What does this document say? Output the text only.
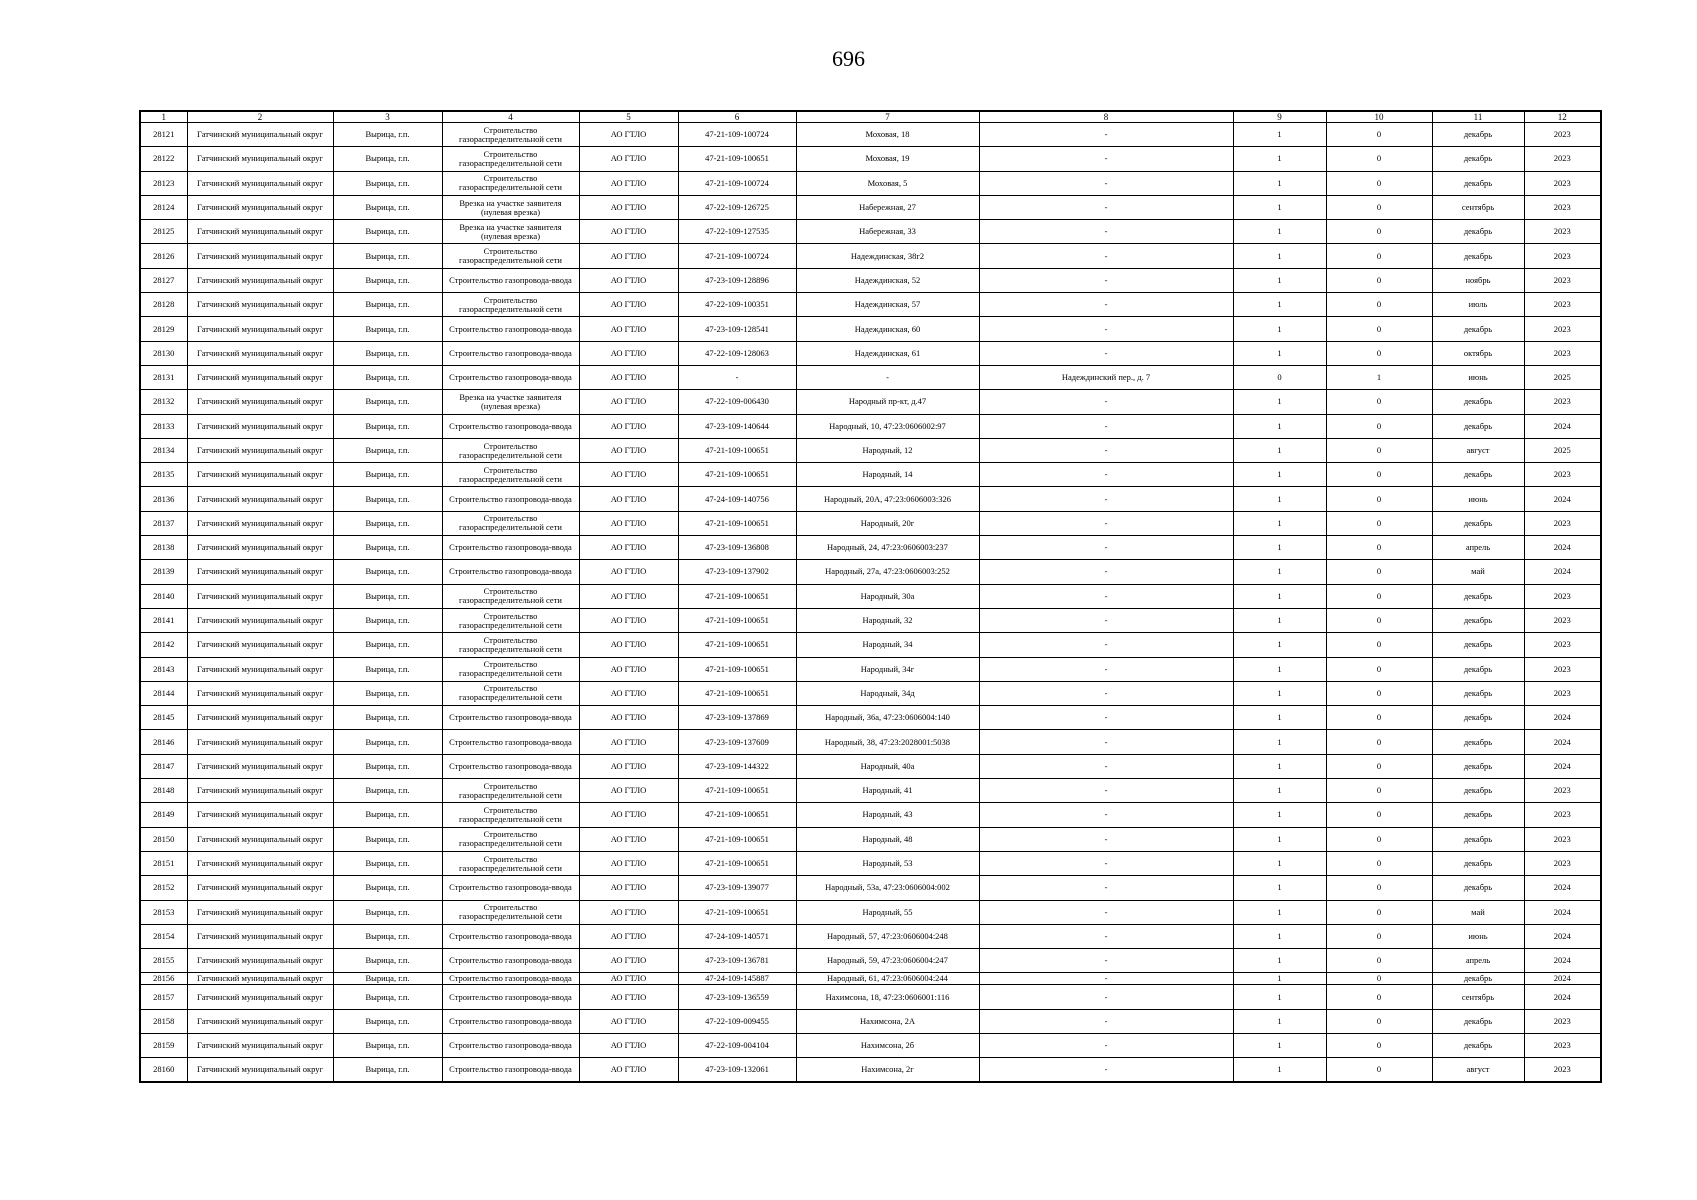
696
1	2	3	4	5	6	7	8	9	10	11	12
28121	Гатчинский муниципальный округ	Вырица, г.п.	Строительство газораспределительной сети	АО ГТЛО	47-21-109-100724	Моховая, 18	-	1	0	декабрь	2023
28122	Гатчинский муниципальный округ	Вырица, г.п.	Строительство газораспределительной сети	АО ГТЛО	47-21-109-100651	Моховая, 19	-	1	0	декабрь	2023
28123	Гатчинский муниципальный округ	Вырица, г.п.	Строительство газораспределительной сети	АО ГТЛО	47-21-109-100724	Моховая, 5	-	1	0	декабрь	2023
28124	Гатчинский муниципальный округ	Вырица, г.п.	Врезка на участке заявителя (нулевая врезка)	АО ГТЛО	47-22-109-126725	Набережная, 27	-	1	0	сентябрь	2023
28125	Гатчинский муниципальный округ	Вырица, г.п.	Врезка на участке заявителя (нулевая врезка)	АО ГТЛО	47-22-109-127535	Набережная, 33	-	1	0	декабрь	2023
28126	Гатчинский муниципальный округ	Вырица, г.п.	Строительство газораспределительной сети	АО ГТЛО	47-21-109-100724	Надеждинская, 38г2	-	1	0	декабрь	2023
28127	Гатчинский муниципальный округ	Вырица, г.п.	Строительство газопровода-ввода	АО ГТЛО	47-23-109-128896	Надеждинская, 52	-	1	0	ноябрь	2023
28128	Гатчинский муниципальный округ	Вырица, г.п.	Строительство газораспределительной сети	АО ГТЛО	47-22-109-100351	Надеждинская, 57	-	1	0	июль	2023
28129	Гатчинский муниципальный округ	Вырица, г.п.	Строительство газопровода-ввода	АО ГТЛО	47-23-109-128541	Надеждинская, 60	-	1	0	декабрь	2023
28130	Гатчинский муниципальный округ	Вырица, г.п.	Строительство газопровода-ввода	АО ГТЛО	47-22-109-128063	Надеждинская, 61	-	1	0	октябрь	2023
28131	Гатчинский муниципальный округ	Вырица, г.п.	Строительство газопровода-ввода	АО ГТЛО	-	-	Надеждинский пер., д. 7	0	1	июнь	2025
28132	Гатчинский муниципальный округ	Вырица, г.п.	Врезка на участке заявителя (нулевая врезка)	АО ГТЛО	47-22-109-006430	Народный пр-кт, д.47	-	1	0	декабрь	2023
28133	Гатчинский муниципальный округ	Вырица, г.п.	Строительство газопровода-ввода	АО ГТЛО	47-23-109-140644	Народный, 10, 47:23:0606002:97	-	1	0	декабрь	2024
28134	Гатчинский муниципальный округ	Вырица, г.п.	Строительство газораспределительной сети	АО ГТЛО	47-21-109-100651	Народный, 12	-	1	0	август	2025
28135	Гатчинский муниципальный округ	Вырица, г.п.	Строительство газораспределительной сети	АО ГТЛО	47-21-109-100651	Народный, 14	-	1	0	декабрь	2023
28136	Гатчинский муниципальный округ	Вырица, г.п.	Строительство газопровода-ввода	АО ГТЛО	47-24-109-140756	Народный, 20А, 47:23:0606003:326	-	1	0	июнь	2024
28137	Гатчинский муниципальный округ	Вырица, г.п.	Строительство газораспределительной сети	АО ГТЛО	47-21-109-100651	Народный, 20г	-	1	0	декабрь	2023
28138	Гатчинский муниципальный округ	Вырица, г.п.	Строительство газопровода-ввода	АО ГТЛО	47-23-109-136808	Народный, 24, 47:23:0606003:237	-	1	0	апрель	2024
28139	Гатчинский муниципальный округ	Вырица, г.п.	Строительство газопровода-ввода	АО ГТЛО	47-23-109-137902	Народный, 27а, 47:23:0606003:252	-	1	0	май	2024
28140	Гатчинский муниципальный округ	Вырица, г.п.	Строительство газораспределительной сети	АО ГТЛО	47-21-109-100651	Народный, 30а	-	1	0	декабрь	2023
28141	Гатчинский муниципальный округ	Вырица, г.п.	Строительство газораспределительной сети	АО ГТЛО	47-21-109-100651	Народный, 32	-	1	0	декабрь	2023
28142	Гатчинский муниципальный округ	Вырица, г.п.	Строительство газораспределительной сети	АО ГТЛО	47-21-109-100651	Народный, 34	-	1	0	декабрь	2023
28143	Гатчинский муниципальный округ	Вырица, г.п.	Строительство газораспределительной сети	АО ГТЛО	47-21-109-100651	Народный, 34г	-	1	0	декабрь	2023
28144	Гатчинский муниципальный округ	Вырица, г.п.	Строительство газораспределительной сети	АО ГТЛО	47-21-109-100651	Народный, 34д	-	1	0	декабрь	2023
28145	Гатчинский муниципальный округ	Вырица, г.п.	Строительство газопровода-ввода	АО ГТЛО	47-23-109-137869	Народный, 36а, 47:23:0606004:140	-	1	0	декабрь	2024
28146	Гатчинский муниципальный округ	Вырица, г.п.	Строительство газопровода-ввода	АО ГТЛО	47-23-109-137609	Народный, 38, 47:23:2028001:5038	-	1	0	декабрь	2024
28147	Гатчинский муниципальный округ	Вырица, г.п.	Строительство газопровода-ввода	АО ГТЛО	47-23-109-144322	Народный, 40а	-	1	0	декабрь	2024
28148	Гатчинский муниципальный округ	Вырица, г.п.	Строительство газораспределительной сети	АО ГТЛО	47-21-109-100651	Народный, 41	-	1	0	декабрь	2023
28149	Гатчинский муниципальный округ	Вырица, г.п.	Строительство газораспределительной сети	АО ГТЛО	47-21-109-100651	Народный, 43	-	1	0	декабрь	2023
28150	Гатчинский муниципальный округ	Вырица, г.п.	Строительство газораспределительной сети	АО ГТЛО	47-21-109-100651	Народный, 48	-	1	0	декабрь	2023
28151	Гатчинский муниципальный округ	Вырица, г.п.	Строительство газораспределительной сети	АО ГТЛО	47-21-109-100651	Народный, 53	-	1	0	декабрь	2023
28152	Гатчинский муниципальный округ	Вырица, г.п.	Строительство газопровода-ввода	АО ГТЛО	47-23-109-139077	Народный, 53а, 47:23:0606004:002	-	1	0	декабрь	2024
28153	Гатчинский муниципальный округ	Вырица, г.п.	Строительство газораспределительной сети	АО ГТЛО	47-21-109-100651	Народный, 55	-	1	0	май	2024
28154	Гатчинский муниципальный округ	Вырица, г.п.	Строительство газопровода-ввода	АО ГТЛО	47-24-109-140571	Народный, 57, 47:23:0606004:248	-	1	0	июнь	2024
28155	Гатчинский муниципальный округ	Вырица, г.п.	Строительство газопровода-ввода	АО ГТЛО	47-23-109-136781	Народный, 59, 47:23:0606004:247	-	1	0	апрель	2024
28156	Гатчинский муниципальный округ	Вырица, г.п.	Строительство газопровода-ввода	АО ГТЛО	47-24-109-145887	Народный, 61, 47:23:0606004:244	-	1	0	декабрь	2024
28157	Гатчинский муниципальный округ	Вырица, г.п.	Строительство газопровода-ввода	АО ГТЛО	47-23-109-136559	Нахимсона, 18, 47:23:0606001:116	-	1	0	сентябрь	2024
28158	Гатчинский муниципальный округ	Вырица, г.п.	Строительство газопровода-ввода	АО ГТЛО	47-22-109-009455	Нахимсона, 2А	-	1	0	декабрь	2023
28159	Гатчинский муниципальный округ	Вырица, г.п.	Строительство газопровода-ввода	АО ГТЛО	47-22-109-004104	Нахимсона, 2б	-	1	0	декабрь	2023
28160	Гатчинский муниципальный округ	Вырица, г.п.	Строительство газопровода-ввода	АО ГТЛО	47-23-109-132061	Нахимсона, 2г	-	1	0	август	2023
